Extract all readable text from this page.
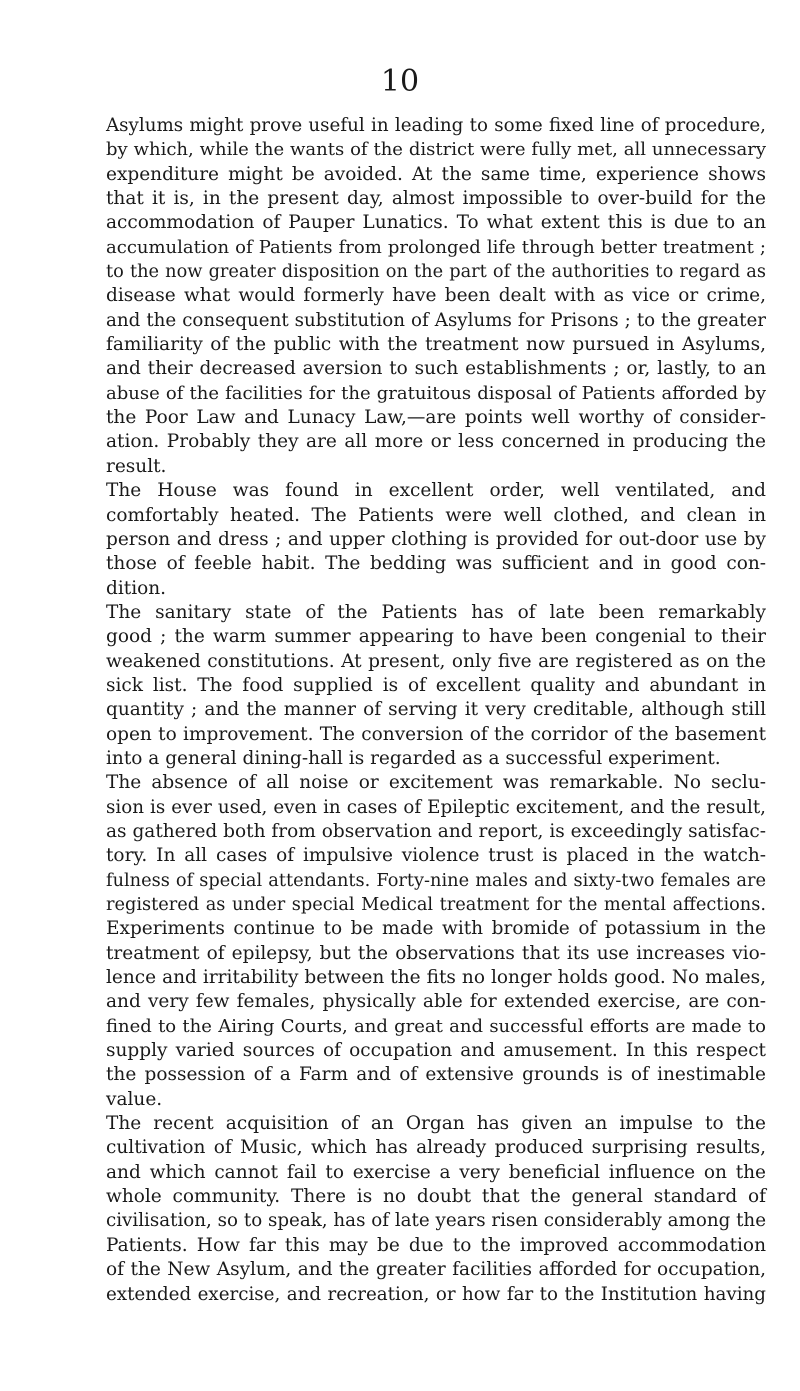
10
Asylums might prove useful in leading to some fixed line of procedure,
by which, while the wants of the district were fully met, all unnecessary
expenditure might be avoided. At the same time, experience shows
that it is, in the present day, almost impossible to over-build for the
accommodation of Pauper Lunatics. To what extent this is due to an
accumulation of Patients from prolonged life through better treatment ;
to the now greater disposition on the part of the authorities to regard as
disease what would formerly have been dealt with as vice or crime,
and the consequent substitution of Asylums for Prisons ; to the greater
familiarity of the public with the treatment now pursued in Asylums,
and their decreased aversion to such establishments ; or, lastly, to an
abuse of the facilities for the gratuitous disposal of Patients afforded by
the Poor Law and Lunacy Law,—are points well worthy of consider-
ation. Probably they are all more or less concerned in producing the
result.
The House was found in excellent order, well ventilated, and
comfortably heated. The Patients were well clothed, and clean in
person and dress ; and upper clothing is provided for out-door use by
those of feeble habit. The bedding was sufficient and in good con-
dition.
The sanitary state of the Patients has of late been remarkably
good ; the warm summer appearing to have been congenial to their
weakened constitutions. At present, only five are registered as on the
sick list. The food supplied is of excellent quality and abundant in
quantity ; and the manner of serving it very creditable, although still
open to improvement. The conversion of the corridor of the basement
into a general dining-hall is regarded as a successful experiment.
The absence of all noise or excitement was remarkable. No seclu-
sion is ever used, even in cases of Epileptic excitement, and the result,
as gathered both from observation and report, is exceedingly satisfac-
tory. In all cases of impulsive violence trust is placed in the watch-
fulness of special attendants. Forty-nine males and sixty-two females are
registered as under special Medical treatment for the mental affections.
Experiments continue to be made with bromide of potassium in the
treatment of epilepsy, but the observations that its use increases vio-
lence and irritability between the fits no longer holds good. No males,
and very few females, physically able for extended exercise, are con-
fined to the Airing Courts, and great and successful efforts are made to
supply varied sources of occupation and amusement. In this respect
the possession of a Farm and of extensive grounds is of inestimable
value.
The recent acquisition of an Organ has given an impulse to the
cultivation of Music, which has already produced surprising results,
and which cannot fail to exercise a very beneficial influence on the
whole community. There is no doubt that the general standard of
civilisation, so to speak, has of late years risen considerably among the
Patients. How far this may be due to the improved accommodation
of the New Asylum, and the greater facilities afforded for occupation,
extended exercise, and recreation, or how far to the Institution having
